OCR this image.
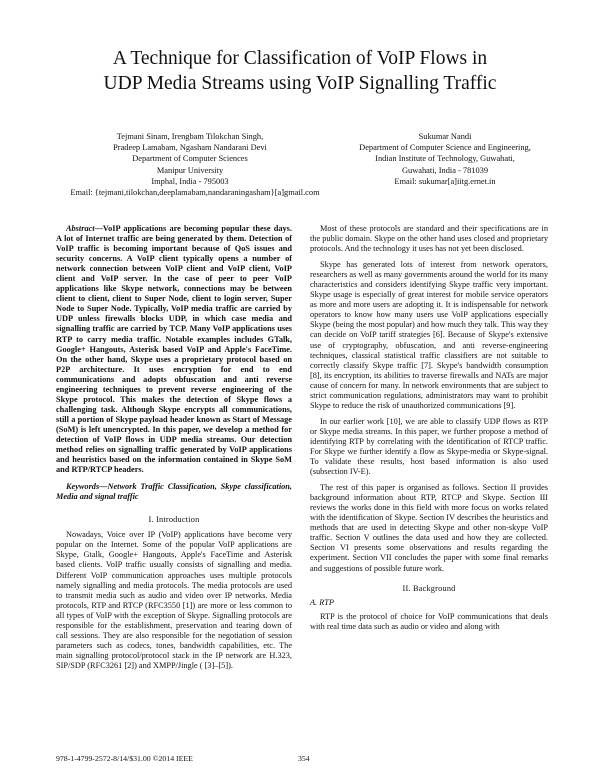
A Technique for Classification of VoIP Flows in
UDP Media Streams using VoIP Signalling Traffic
Tejmani Sinam, Irengbam Tilokchan Singh,
Pradeep Lamabam, Ngasham Nandarani Devi
Department of Computer Sciences
Manipur University
Imphal, India - 795003
Sukumar Nandi
Department of Computer Science and Engineering,
Indian Institute of Technology, Guwahati,
Guwahati, India - 781039
Email: sukumar[a]iitg.ernet.in
Email: {tejmani,tilokchan,deeplamabam,nandaraningasham}[a]gmail.com

Abstract—VoIP applications are becoming popular these days. A lot of Internet traffic are being generated by them. Detection of VoIP traffic is becoming important because of QoS issues and security concerns. A VoIP client typically opens a number of network connection between VoIP client and VoIP client, VoIP client and VoIP server. In the case of peer to peer VoIP applications like Skype network, connections may be between client to client, client to Super Node, client to login server, Super Node to Super Node. Typically, VoIP media traffic are carried by UDP unless firewalls blocks UDP, in which case media and signalling traffic are carried by TCP. Many VoIP applications uses RTP to carry media traffic. Notable examples includes GTalk, Google+ Hangouts, Asterisk based VoIP and Apple's FaceTime. On the other hand, Skype uses a proprietary protocol based on P2P architecture. It uses encryption for end to end communications and adopts obfuscation and anti reverse engineering techniques to prevent reverse engineering of the Skype protocol. This makes the detection of Skype flows a challenging task. Although Skype encrypts all communications, still a portion of Skype payload header known as Start of Message (SoM) is left unencrypted. In this paper, we develop a method for detection of VoIP flows in UDP media streams. Our detection method relies on signalling traffic generated by VoIP applications and heuristics based on the information contained in Skype SoM and RTP/RTCP headers.

Keywords—Network Traffic Classification, Skype classification, Media and signal traffic

I. Introduction

Nowadays, Voice over IP (VoIP) applications have become very popular on the Internet. Some of the popular VoIP applications are Skype, Gtalk, Google+ Hangouts, Apple's FaceTime and Asterisk based clients. VoIP traffic usually consists of signalling and media. Different VoIP communication approaches uses multiple protocols namely signalling and media protocols. The media protocols are used to transmit media such as audio and video over IP networks. Media protocols, RTP and RTCP (RFC3550 [1]) are more or less common to all types of VoIP with the exception of Skype. Signalling protocols are responsible for the establishment, preservation and tearing down of call sessions. They are also responsible for the negotiation of session parameters such as codecs, tones, bandwidth capabilities, etc. The main signalling protocol/protocol stack in the IP network are H.323, SIP/SDP (RFC3261 [2]) and XMPP/Jingle ( [3]–[5]).

Most of these protocols are standard and their specifications are in the public domain. Skype on the other hand uses closed and proprietary protocols. And the technology it uses has not yet been disclosed.

Skype has generated lots of interest from network operators, researchers as well as many governments around the world for its many characteristics and considers identifying Skype traffic very important. Skype usage is especially of great interest for mobile service operators as more and more users are adopting it. It is indispensable for network operators to know how many users use VoIP applications especially Skype (being the most popular) and how much they talk. This way they can decide on VoIP tariff strategies [6]. Because of Skype's extensive use of cryptography, obfuscation, and anti reverse-engineering techniques, classical statistical traffic classifiers are not suitable to correctly classify Skype traffic [7]. Skype's bandwidth consumption [8], its encryption, its abilities to traverse firewalls and NATs are major cause of concern for many. In network environments that are subject to strict communication regulations, administrators may want to prohibit Skype to reduce the risk of unauthorized communications [9].

In our earlier work [10], we are able to classify UDP flows as RTP or Skype media streams. In this paper, we further propose a method of identifying RTP by correlating with the identification of RTCP traffic. For Skype we further identify a flow as Skype-media or Skype-signal. To validate these results, host based information is also used (subsection IV-E).

The rest of this paper is organised as follows. Section II provides background information about RTP, RTCP and Skype. Section III reviews the works done in this field with more focus on works related with the identification of Skype. Section IV describes the heuristics and methods that are used in detecting Skype and other non-skype VoIP traffic. Section V outlines the data used and how they are collected. Section VI presents some observations and results regarding the experiment. Section VII concludes the paper with some final remarks and suggestions of possible future work.

II. Background
A. RTP

RTP is the protocol of choice for VoIP communications that deals with real time data such as audio or video and along with

978-1-4799-2572-8/14/$31.00 ©2014 IEEE	354
